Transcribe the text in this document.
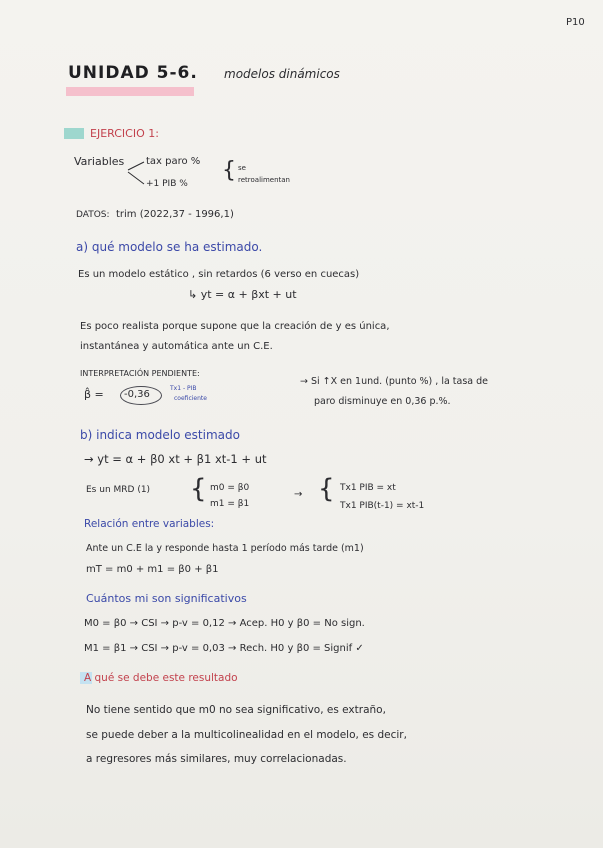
P10
UNIDAD 5-6. modelos dinámicos
EJERCICIO 1:
Variables tax paro %
+1 PIB %
{ se
retroalimentan
DATOS: trim (2022,37 - 1996,1)
a) qué modelo se ha estimado.
Es un modelo estático , sin retardos (6 verso en cuecas)
↳ yt = α + βxt + ut
Es poco realista porque supone que la creación de y es única,
instantánea y automática ante un C.E.
INTERPRETACIÓN PENDIENTE:
β̂ = -0,36
Tx1 - PIB
coeficiente
→ Si ↑X en 1und. (punto %) , la tasa de
paro disminuye en 0,36 p.%.
b) indica modelo estimado
→ yt = α + β0 xt + β1 xt-1 + ut
Es un MRD (1) { m0 = β0
m1 = β1
→ { Tx1 PIB = xt
Tx1 PIB(t-1) = xt-1
Relación entre variables:
Ante un C.E la y responde hasta 1 período más tarde (m1)
mT = m0 + m1 = β0 + β1
Cuántos mi son significativos
M0 = β0 → CSI → p-v = 0,12 → Acep. H0 y β0 = No sign.
M1 = β1 → CSI → p-v = 0,03 → Rech. H0 y β0 = Signif ✓
A qué se debe este resultado
No tiene sentido que m0 no sea significativo, es extraño,
se puede deber a la multicolinealidad en el modelo, es decir,
a regresores más similares, muy correlacionadas.
